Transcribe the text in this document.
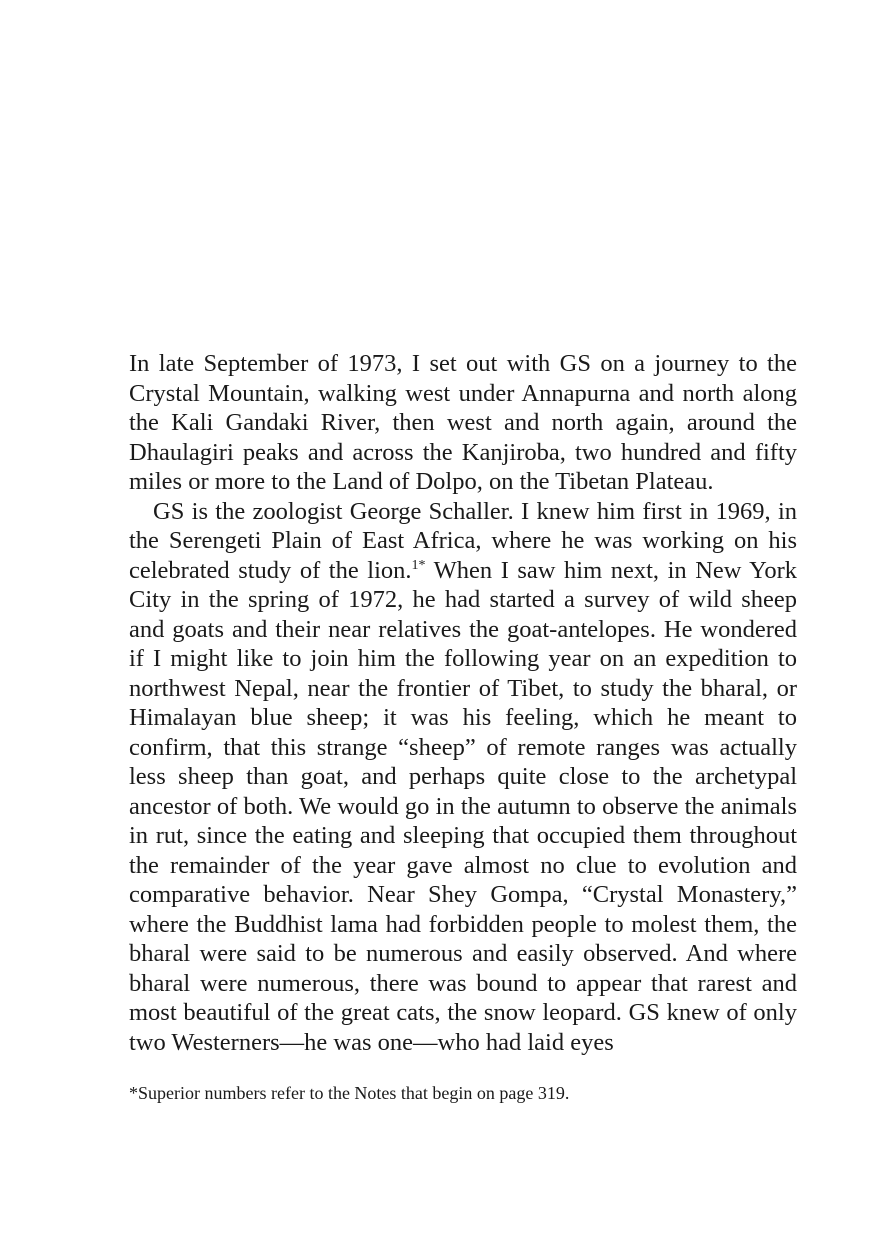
In late September of 1973, I set out with GS on a journey to the Crystal Mountain, walking west under Annapurna and north along the Kali Gandaki River, then west and north again, around the Dhaulagiri peaks and across the Kanjiroba, two hundred and fifty miles or more to the Land of Dolpo, on the Tibetan Plateau.

GS is the zoologist George Schaller. I knew him first in 1969, in the Serengeti Plain of East Africa, where he was working on his celebrated study of the lion.$^{1*}$ When I saw him next, in New York City in the spring of 1972, he had started a survey of wild sheep and goats and their near relatives the goat-antelopes. He wondered if I might like to join him the following year on an expedition to northwest Nepal, near the frontier of Tibet, to study the bharal, or Himalayan blue sheep; it was his feeling, which he meant to confirm, that this strange “sheep” of remote ranges was actually less sheep than goat, and perhaps quite close to the archetypal ancestor of both. We would go in the autumn to observe the animals in rut, since the eating and sleeping that occupied them throughout the remainder of the year gave almost no clue to evolution and comparative behavior. Near Shey Gompa, “Crystal Monastery,” where the Buddhist lama had forbidden people to molest them, the bharal were said to be numerous and easily observed. And where bharal were numerous, there was bound to appear that rarest and most beautiful of the great cats, the snow leopard. GS knew of only two Westerners—he was one—who had laid eyes

*Superior numbers refer to the Notes that begin on page 319.
